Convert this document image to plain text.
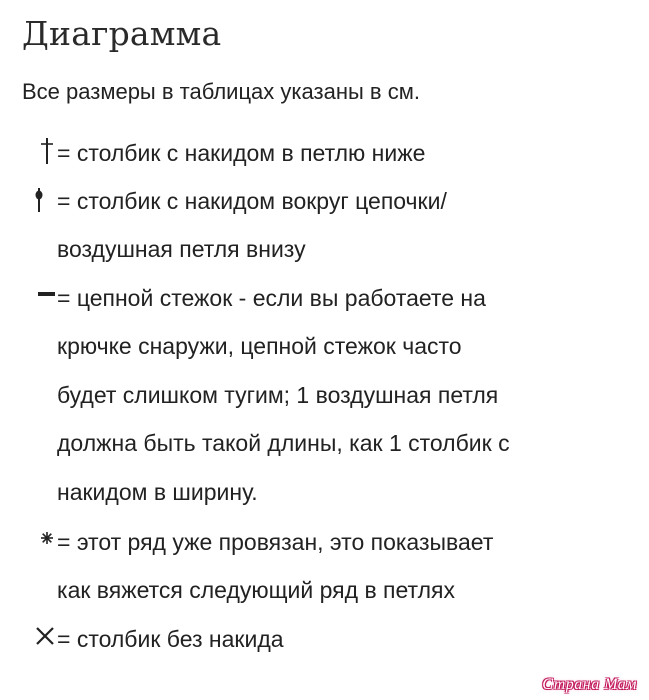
Диаграмма

Все размеры в таблицах указаны в см.

= столбик с накидом в петлю ниже
= столбик с накидом вокруг цепочки/
воздушная петля внизу
= цепной стежок - если вы работаете на
крючке снаружи, цепной стежок часто
будет слишком тугим; 1 воздушная петля
должна быть такой длины, как 1 столбик с
накидом в ширину.
= этот ряд уже провязан, это показывает
как вяжется следующий ряд в петлях
= столбик без накида
Страна Мам
